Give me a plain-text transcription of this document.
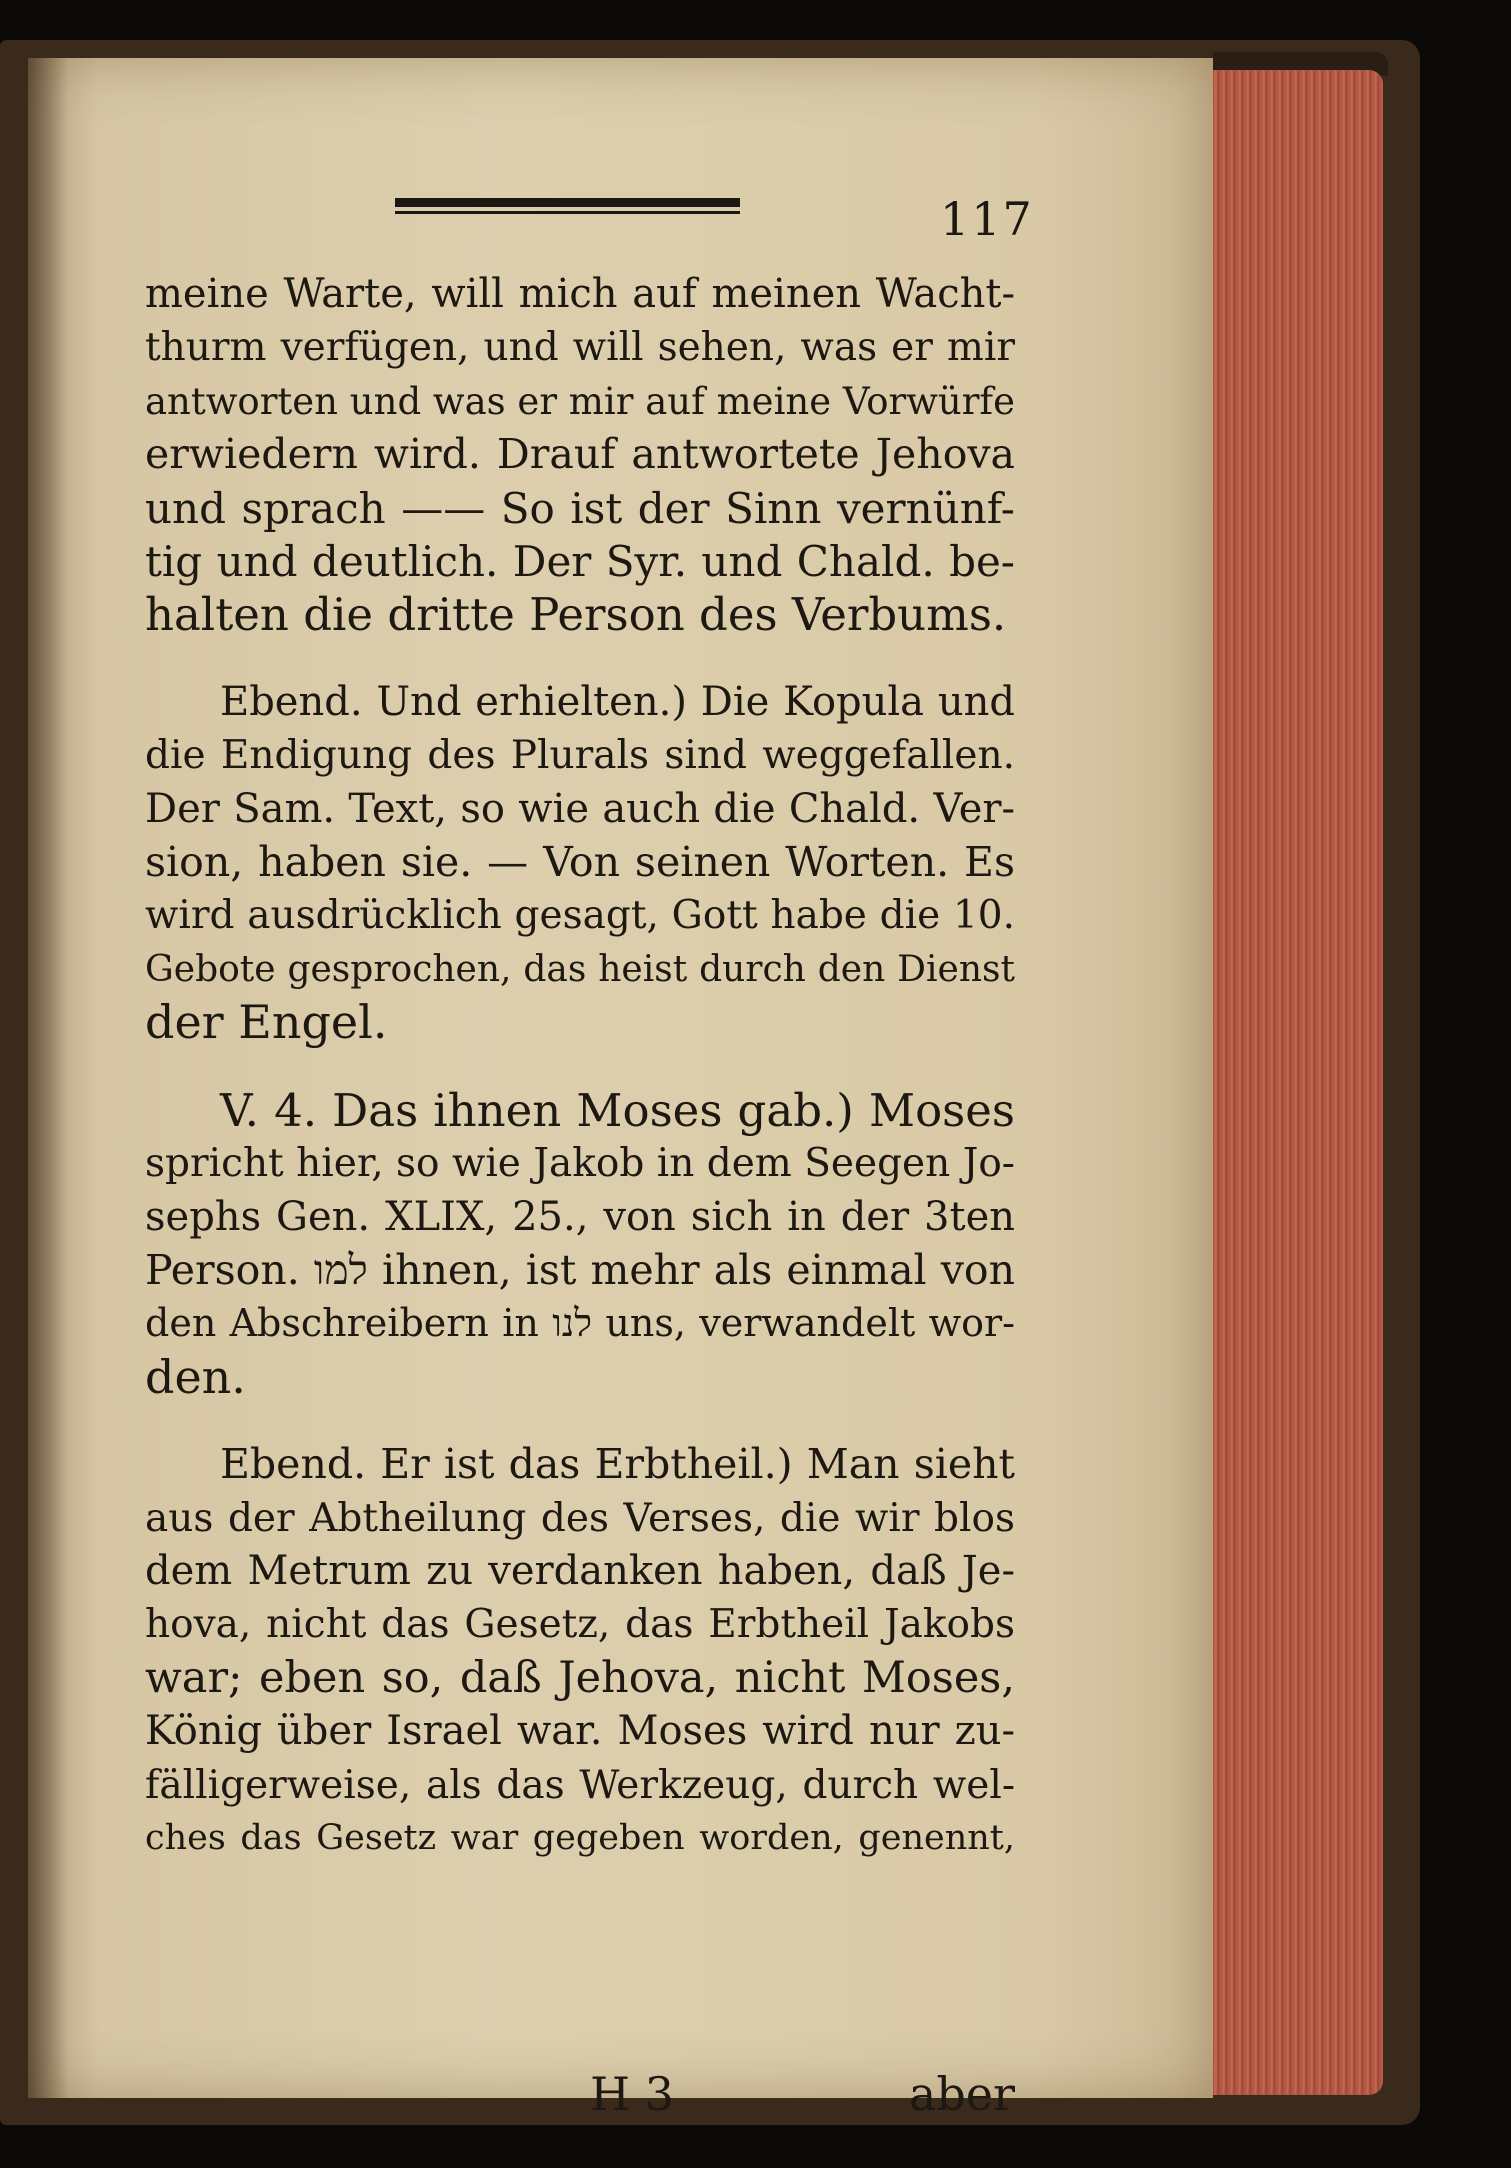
117
meine Warte, will mich auf meinen Wacht-
thurm verfügen, und will sehen, was er mir
antworten und was er mir auf meine Vorwürfe
erwiedern wird. Drauf antwortete Jehova
und sprach —— So ist der Sinn vernünf-
tig und deutlich. Der Syr. und Chald. be-
halten die dritte Person des Verbums.
Ebend. Und erhielten.) Die Kopula und
die Endigung des Plurals sind weggefallen.
Der Sam. Text, so wie auch die Chald. Ver-
sion, haben sie. — Von seinen Worten. Es
wird ausdrücklich gesagt, Gott habe die 10.
Gebote gesprochen, das heist durch den Dienst
der Engel.
V. 4. Das ihnen Moses gab.) Moses
spricht hier, so wie Jakob in dem Seegen Jo-
sephs Gen. XLIX, 25., von sich in der 3ten
Person. למו ihnen, ist mehr als einmal von
den Abschreibern in לנו uns, verwandelt wor-
den.
Ebend. Er ist das Erbtheil.) Man sieht
aus der Abtheilung des Verses, die wir blos
dem Metrum zu verdanken haben, daß Je-
hova, nicht das Gesetz, das Erbtheil Jakobs
war; eben so, daß Jehova, nicht Moses,
König über Israel war. Moses wird nur zu-
fälligerweise, als das Werkzeug, durch wel-
ches das Gesetz war gegeben worden, genennt,
H 3	aber
